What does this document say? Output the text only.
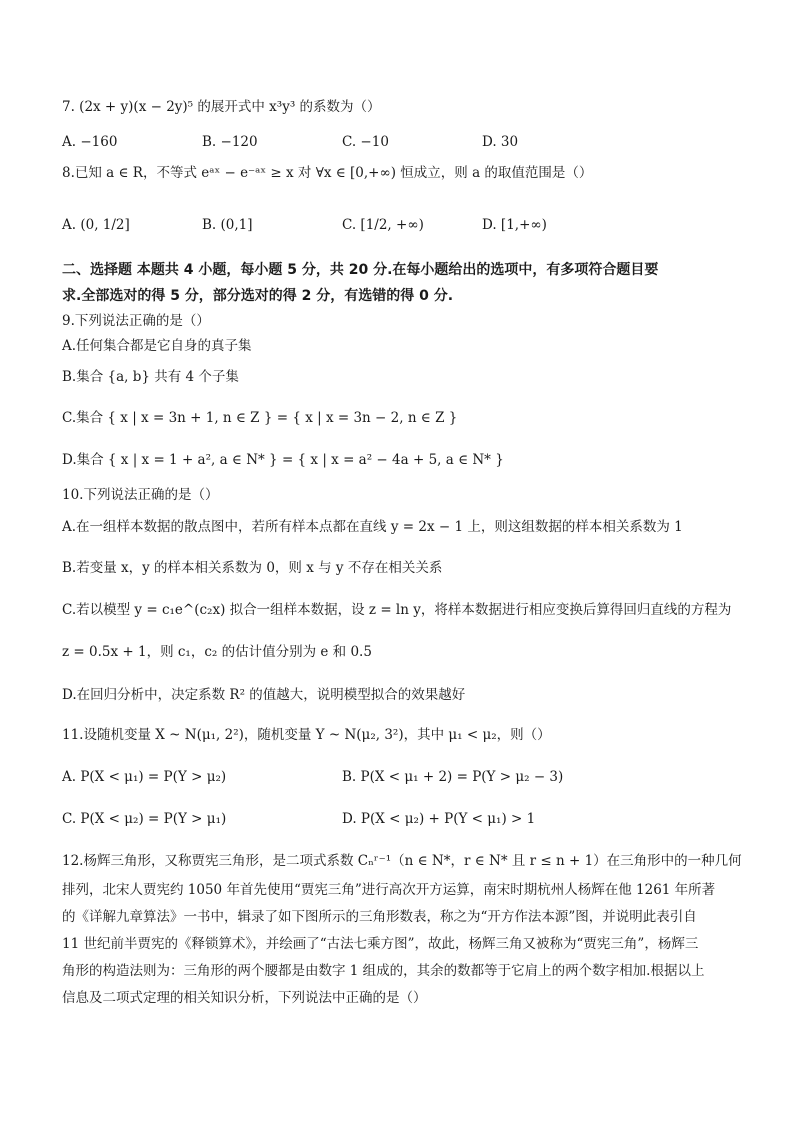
7. (2x + y)(x − 2y)⁵ 的展开式中 x³y³ 的系数为（）
A. −160	B. −120	C. −10	D. 30
8.已知 a ∈ R，不等式 eᵃˣ − e⁻ᵃˣ ≥ x 对 ∀x ∈ [0,+∞) 恒成立，则 a 的取值范围是（）
A. (0, 1/2]	B. (0,1]	C. [1/2, +∞)	D. [1,+∞)
二、选择题 本题共 4 小题，每小题 5 分，共 20 分.在每小题给出的选项中，有多项符合题目要
求.全部选对的得 5 分，部分选对的得 2 分，有选错的得 0 分.
9.下列说法正确的是（）
A.任何集合都是它自身的真子集
B.集合 {a, b} 共有 4 个子集
C.集合 { x | x = 3n + 1, n ∈ Z } = { x | x = 3n − 2, n ∈ Z }
D.集合 { x | x = 1 + a², a ∈ N* } = { x | x = a² − 4a + 5, a ∈ N* }
10.下列说法正确的是（）
A.在一组样本数据的散点图中，若所有样本点都在直线 y = 2x − 1 上，则这组数据的样本相关系数为 1
B.若变量 x，y 的样本相关系数为 0，则 x 与 y 不存在相关关系
C.若以模型 y = c₁e^(c₂x) 拟合一组样本数据，设 z = ln y，将样本数据进行相应变换后算得回归直线的方程为
z = 0.5x + 1，则 c₁，c₂ 的估计值分别为 e 和 0.5
D.在回归分析中，决定系数 R² 的值越大，说明模型拟合的效果越好
11.设随机变量 X ~ N(μ₁, 2²)，随机变量 Y ~ N(μ₂, 3²)，其中 μ₁ < μ₂，则（）
A. P(X < μ₁) = P(Y > μ₂)	B. P(X < μ₁ + 2) = P(Y > μ₂ − 3)
C. P(X < μ₂) = P(Y > μ₁)	D. P(X < μ₂) + P(Y < μ₁) > 1
12.杨辉三角形，又称贾宪三角形，是二项式系数 Cₙʳ⁻¹（n ∈ N*，r ∈ N* 且 r ≤ n + 1）在三角形中的一种几何
排列，北宋人贾宪约 1050 年首先使用“贾宪三角”进行高次开方运算，南宋时期杭州人杨辉在他 1261 年所著
的《详解九章算法》一书中，辑录了如下图所示的三角形数表，称之为“开方作法本源”图，并说明此表引自
11 世纪前半贾宪的《释锁算术》，并绘画了“古法七乘方图”，故此，杨辉三角又被称为“贾宪三角”，杨辉三
角形的构造法则为：三角形的两个腰都是由数字 1 组成的，其余的数都等于它肩上的两个数字相加.根据以上
信息及二项式定理的相关知识分析，下列说法中正确的是（）
